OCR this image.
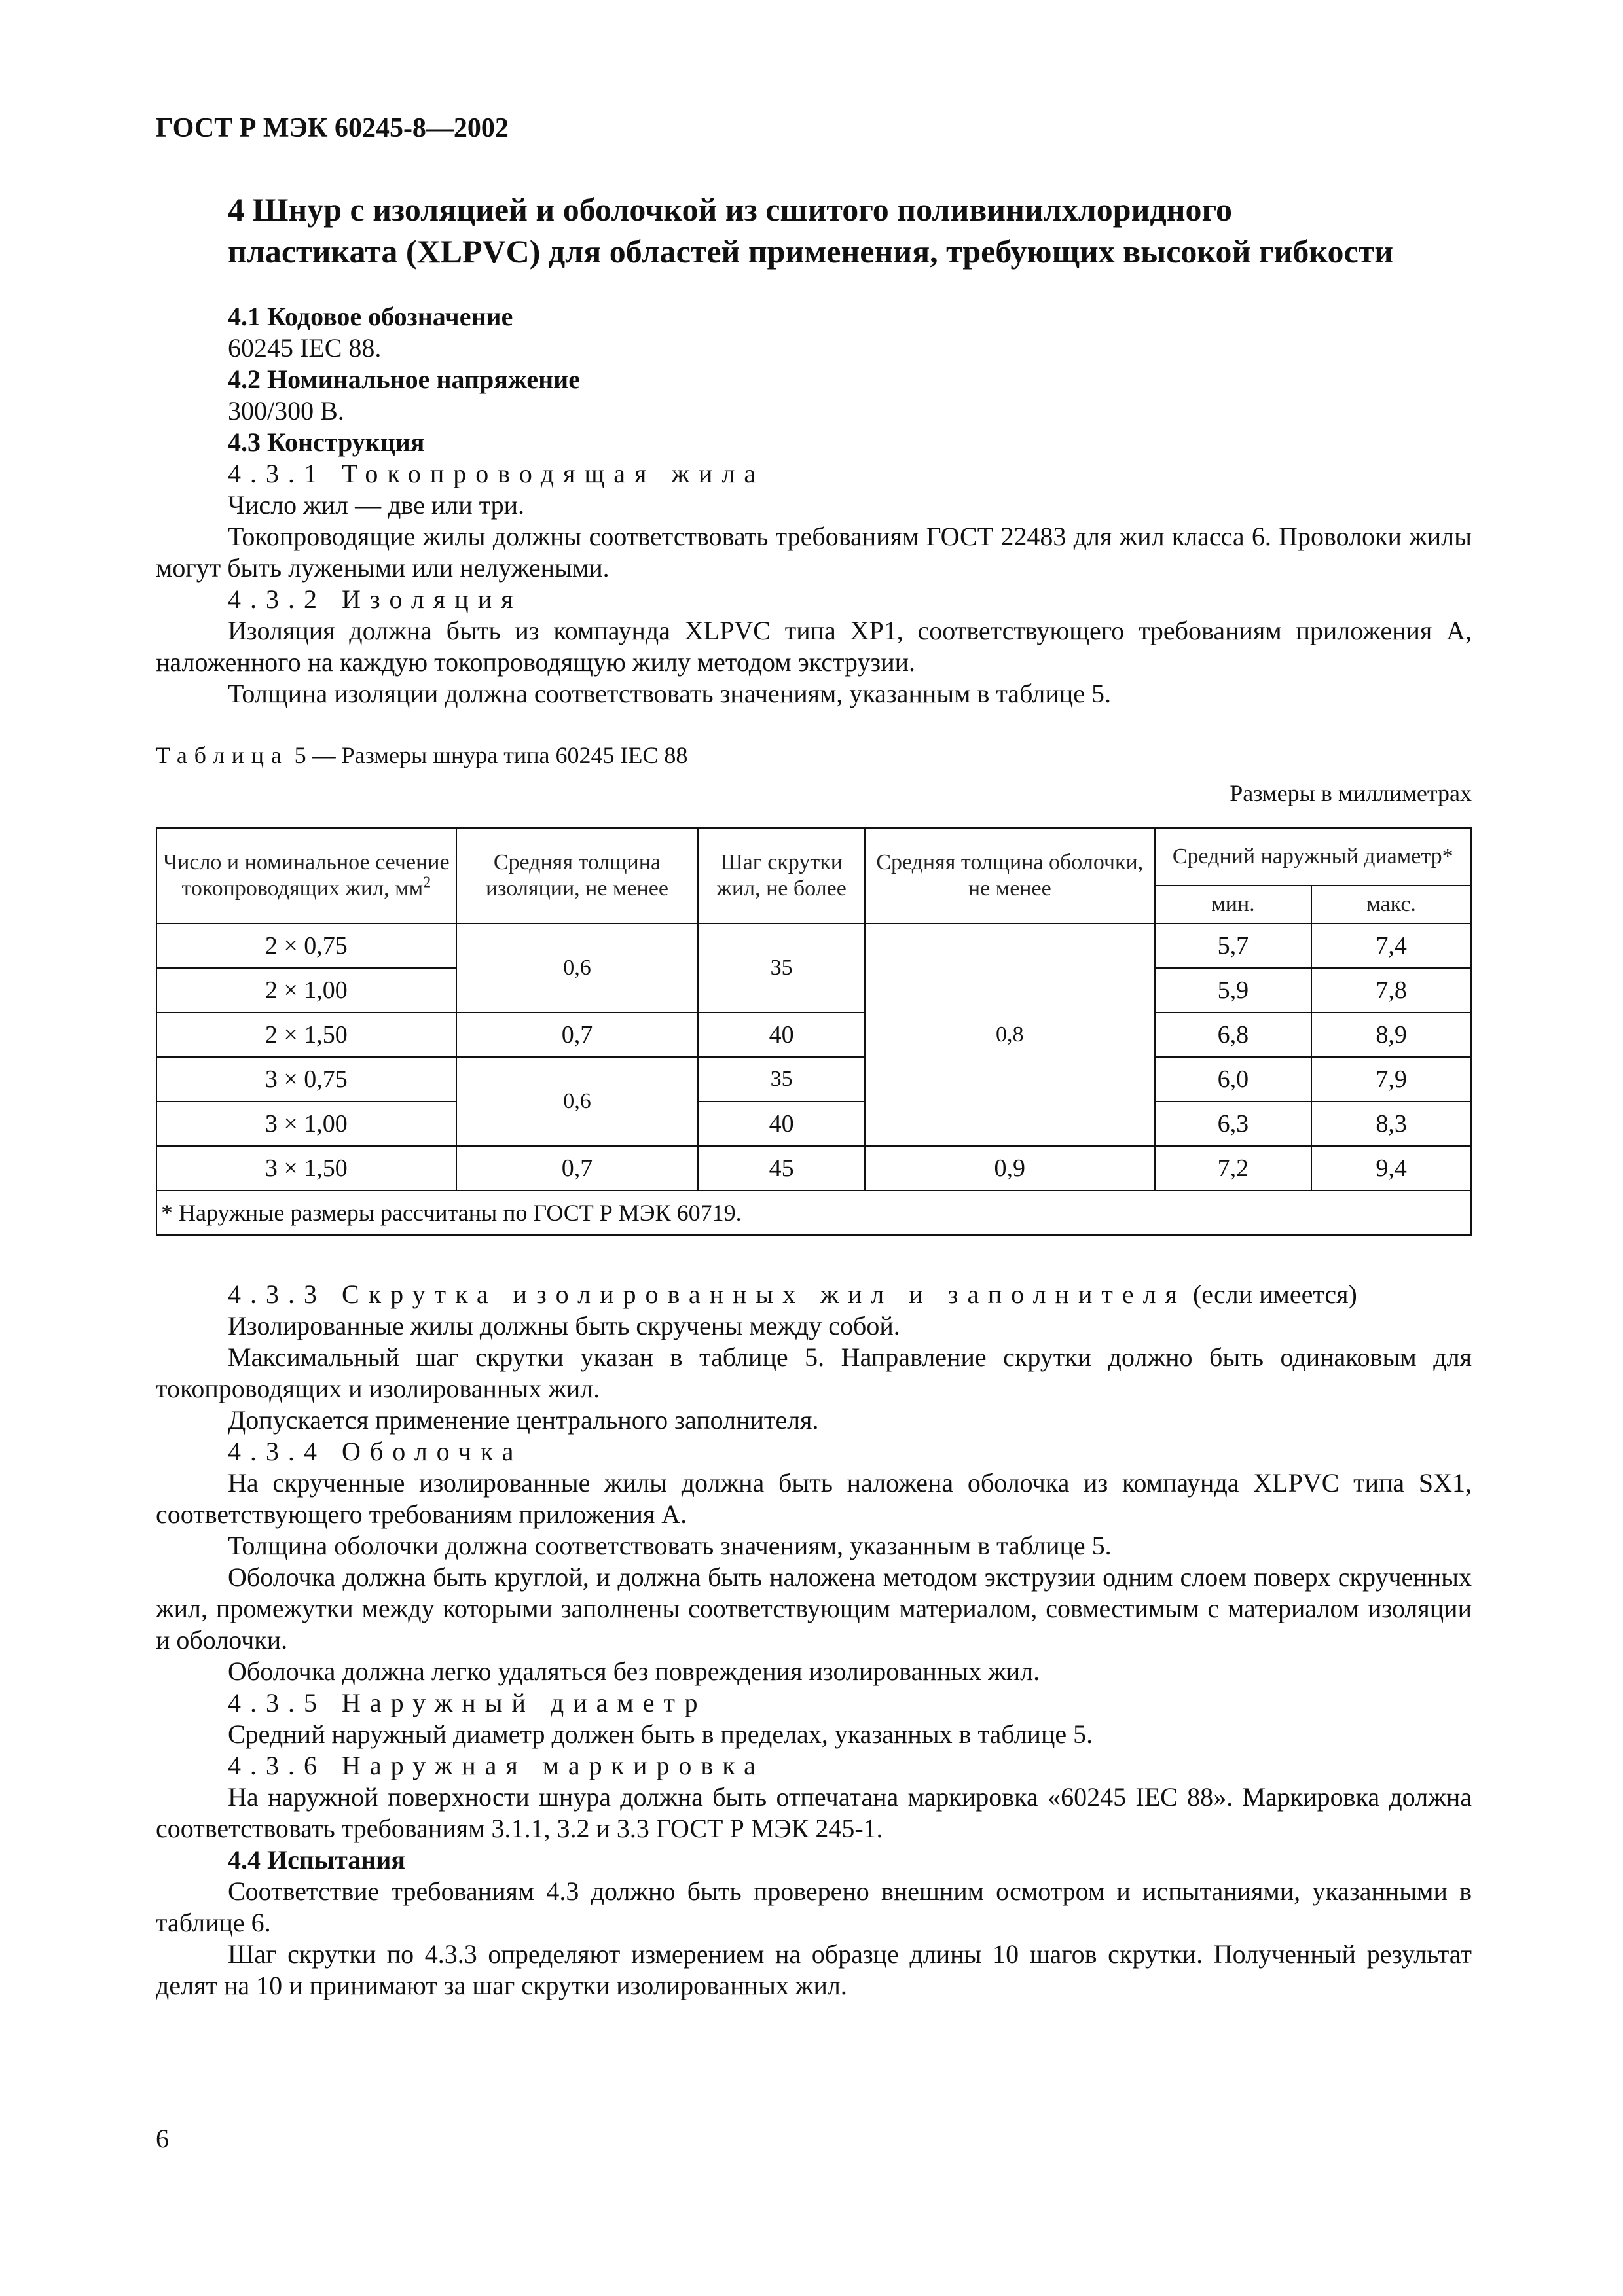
ГОСТ Р МЭК 60245-8—2002
4 Шнур с изоляцией и оболочкой из сшитого поливинилхлоридного
пластиката (XLPVC) для областей применения, требующих высокой гибкости

4.1 Кодовое обозначение

60245 IEC 88.

4.2 Номинальное напряжение

300/300 В.

4.3 Конструкция

4.3.1 Токопроводящая жила

Число жил — две или три.

Токопроводящие жилы должны соответствовать требованиям ГОСТ 22483 для жил класса 6. Проволоки жилы могут быть лужеными или нелужеными.

4.3.2 Изоляция

Изоляция должна быть из компаунда XLPVC типа XP1, соответствующего требованиям приложения А, наложенного на каждую токопроводящую жилу методом экструзии.

Толщина изоляции должна соответствовать значениям, указанным в таблице 5.

Таблица 5 — Размеры шнура типа 60245 IEC 88
Размеры в миллиметрах
Число и номинальное сечение токопроводящих жил, $мм^2$	Средняя толщина изоляции, не менее	Шаг скрутки жил, не более	Средняя толщина оболочки, не менее	Средний наружный диаметр*	
				мин.	макс.
2 × 0,75	0,6	35	0,8	5,7	7,4
2 × 1,00				5,9	7,8
2 × 1,50	0,7	40		6,8	8,9
3 × 0,75	0,6	35		6,0	7,9
3 × 1,00		40		6,3	8,3
3 × 1,50	0,7	45	0,9	7,2	9,4
* Наружные размеры рассчитаны по ГОСТ Р МЭК 60719.					

4.3.3 Скрутка изолированных жил и заполнителя (если имеется)

Изолированные жилы должны быть скручены между собой.

Максимальный шаг скрутки указан в таблице 5. Направление скрутки должно быть одинаковым для токопроводящих и изолированных жил.

Допускается применение центрального заполнителя.

4.3.4 Оболочка

На скрученные изолированные жилы должна быть наложена оболочка из компаунда XLPVC типа SX1, соответствующего требованиям приложения А.

Толщина оболочки должна соответствовать значениям, указанным в таблице 5.

Оболочка должна быть круглой, и должна быть наложена методом экструзии одним слоем поверх скрученных жил, промежутки между которыми заполнены соответствующим материалом, совместимым с материалом изоляции и оболочки.

Оболочка должна легко удаляться без повреждения изолированных жил.

4.3.5 Наружный диаметр

Средний наружный диаметр должен быть в пределах, указанных в таблице 5.

4.3.6 Наружная маркировка

На наружной поверхности шнура должна быть отпечатана маркировка «60245 IEC 88». Маркировка должна соответствовать требованиям 3.1.1, 3.2 и 3.3 ГОСТ Р МЭК 245-1.

4.4 Испытания

Соответствие требованиям 4.3 должно быть проверено внешним осмотром и испытаниями, указанными в таблице 6.

Шаг скрутки по 4.3.3 определяют измерением на образце длины 10 шагов скрутки. Полученный результат делят на 10 и принимают за шаг скрутки изолированных жил.

6
